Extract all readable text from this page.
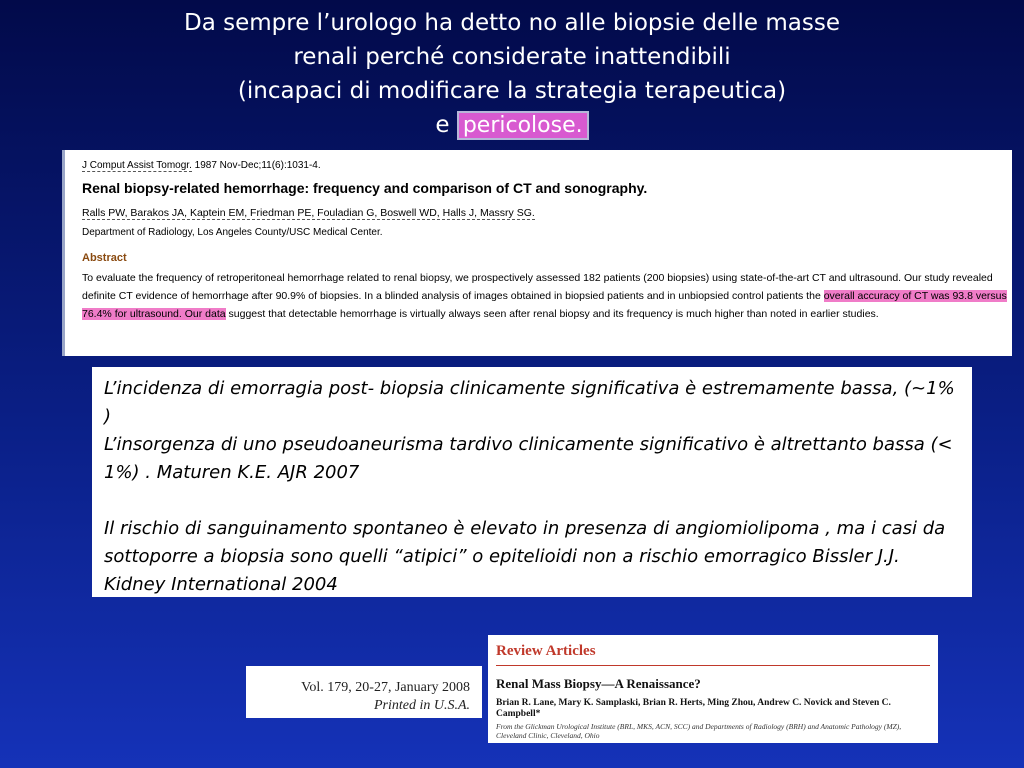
Da sempre l’urologo ha detto no alle biopsie delle masse
renali perché considerate inattendibili
(incapaci di modificare la strategia terapeutica)
e pericolose.
J Comput Assist Tomogr. 1987 Nov-Dec;11(6):1031-4.
Renal biopsy-related hemorrhage: frequency and comparison of CT and sonography.
Ralls PW, Barakos JA, Kaptein EM, Friedman PE, Fouladian G, Boswell WD, Halls J, Massry SG.
Department of Radiology, Los Angeles County/USC Medical Center.
Abstract
To evaluate the frequency of retroperitoneal hemorrhage related to renal biopsy, we prospectively assessed 182 patients (200 biopsies) using state-of-the-art CT and ultrasound. Our study revealed definite CT evidence of hemorrhage after 90.9% of biopsies. In a blinded analysis of images obtained in biopsied patients and in unbiopsied control patients the overall accuracy of CT was 93.8 versus 76.4% for ultrasound. Our data suggest that detectable hemorrhage is virtually always seen after renal biopsy and its frequency is much higher than noted in earlier studies.

L’incidenza di emorragia post- biopsia clinicamente significativa è estremamente bassa, (~1% )

L’insorgenza di uno pseudoaneurisma tardivo clinicamente significativo è altrettanto bassa (< 1%) . Maturen K.E. AJR 2007

Il rischio di sanguinamento spontaneo è elevato in presenza di angiomiolipoma , ma i casi da sottoporre a biopsia sono quelli “atipici” o epitelioidi non a rischio emorragico Bissler J.J. Kidney International 2004

Vol. 179, 20-27, January 2008
Printed in U.S.A.
Review Articles
Renal Mass Biopsy—A Renaissance?
Brian R. Lane, Mary K. Samplaski, Brian R. Herts, Ming Zhou, Andrew C. Novick and Steven C. Campbell*
From the Glickman Urological Institute (BRL, MKS, ACN, SCC) and Departments of Radiology (BRH) and Anatomic Pathology (MZ), Cleveland Clinic, Cleveland, Ohio
